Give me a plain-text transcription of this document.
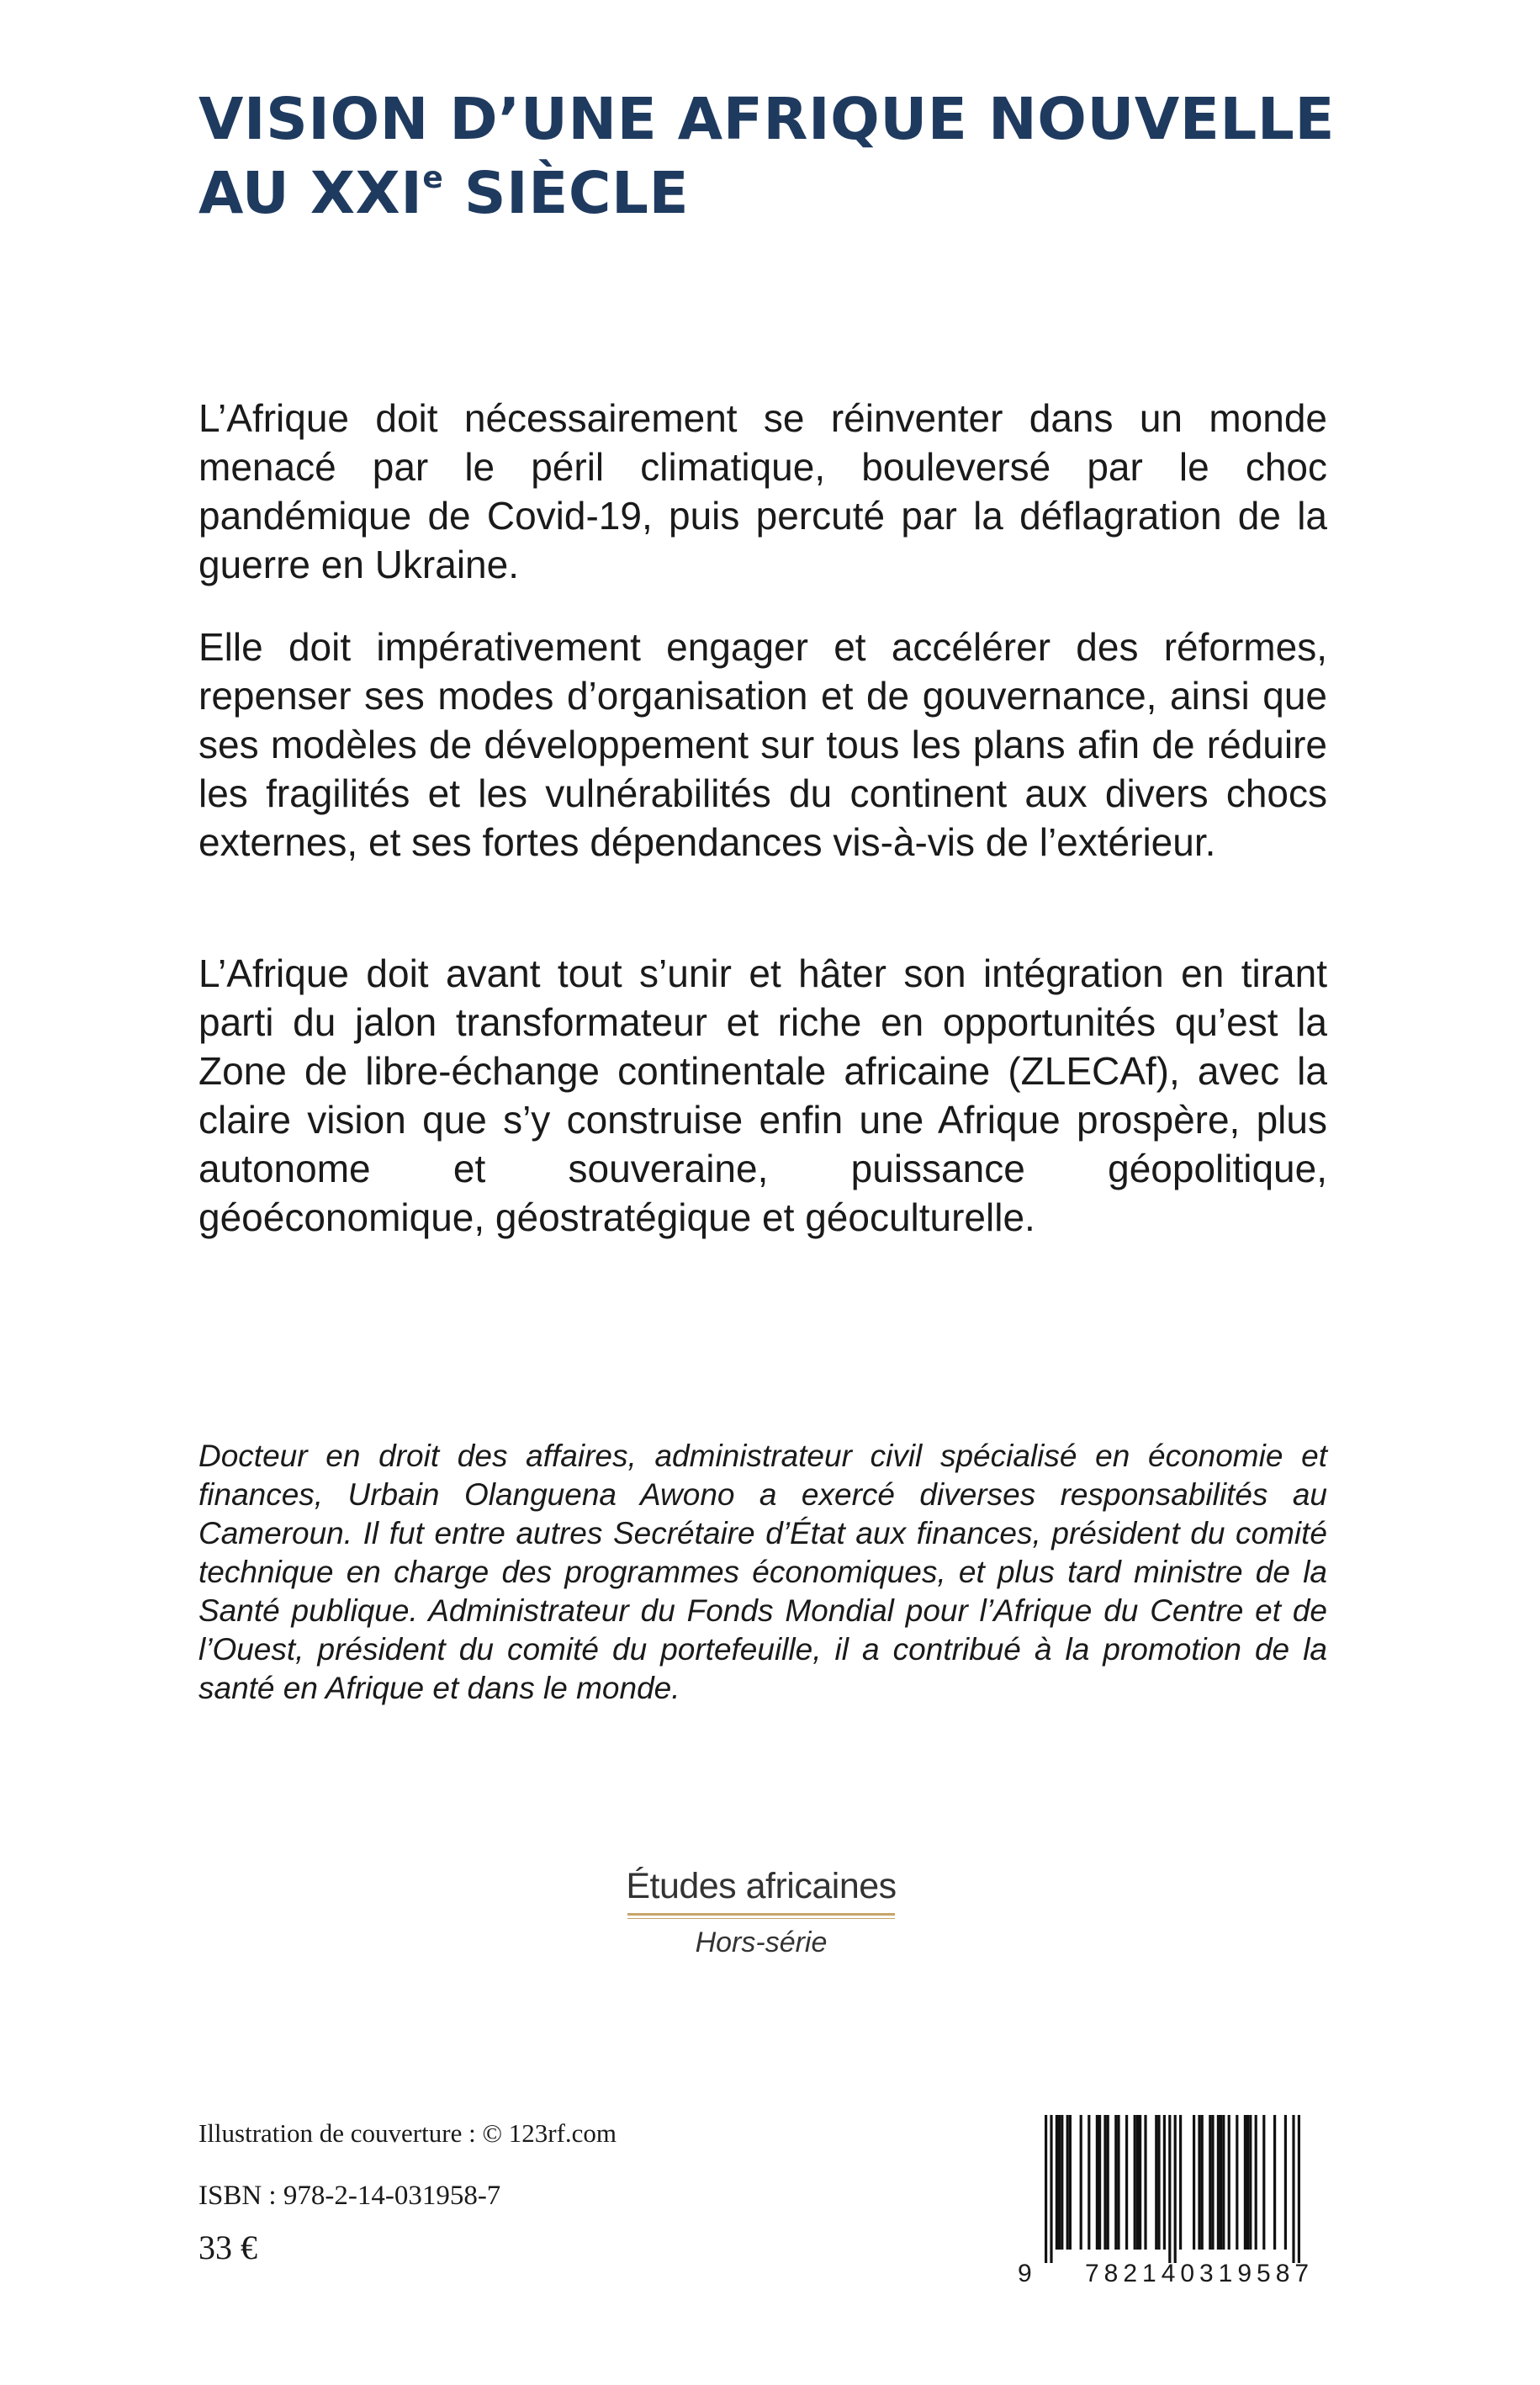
VISION D’UNE AFRIQUE NOUVELLE
AU XXIe SIÈCLE

L’Afrique doit nécessairement se réinventer dans un monde menacé par le péril climatique, bouleversé par le choc pandémique de Covid-19, puis percuté par la déflagration de la guerre en Ukraine.

Elle doit impérativement engager et accélérer des réformes, repenser ses modes d’organisation et de gouvernance, ainsi que ses modèles de développement sur tous les plans afin de réduire les fragilités et les vulnérabilités du continent aux divers chocs externes, et ses fortes dépendances vis-à-vis de l’extérieur.

L’Afrique doit avant tout s’unir et hâter son intégration en tirant parti du jalon transformateur et riche en opportunités qu’est la Zone de libre-échange continentale africaine (ZLECAf), avec la claire vision que s’y construise enfin une Afrique prospère, plus autonome et souveraine, puissance géopolitique, géoéconomique, géostratégique et géoculturelle.

Docteur en droit des affaires, administrateur civil spécialisé en économie et finances, Urbain Olanguena Awono a exercé diverses responsabilités au Cameroun. Il fut entre autres Secrétaire d’État aux finances, président du comité technique en charge des programmes économiques, et plus tard ministre de la Santé publique. Administrateur du Fonds Mondial pour l’Afrique du Centre et de l’Ouest, président du comité du portefeuille, il a contribué à la promotion de la santé en Afrique et dans le monde.

Études africaines
Hors-série
Illustration de couverture : © 123rf.com
ISBN : 978-2-14-031958-7
33 €
9 782140 319587
